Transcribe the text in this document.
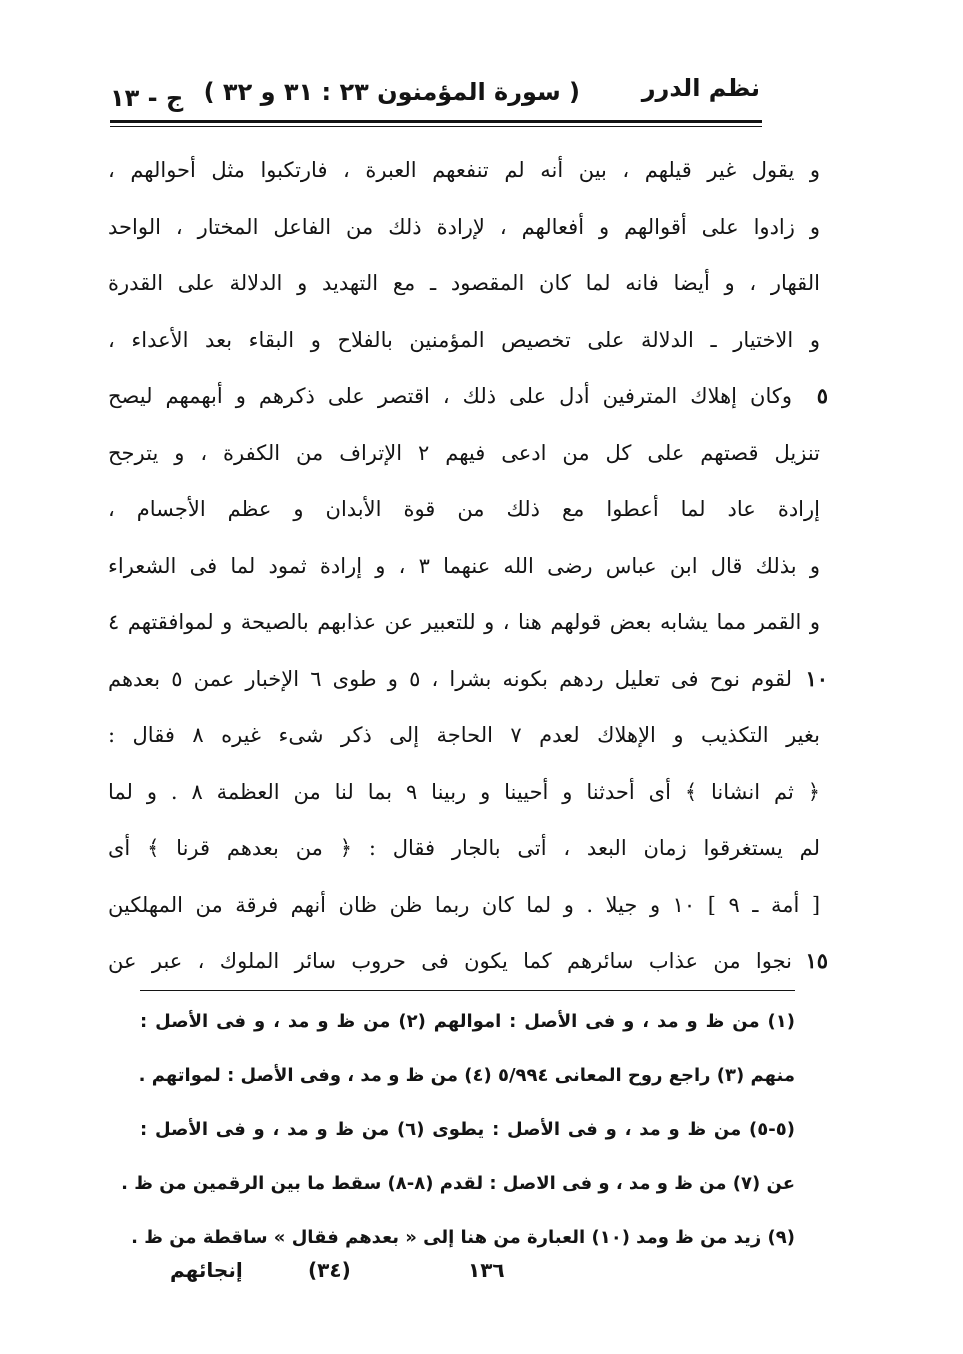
نظم الدرر
( سورة المؤمنون ٢٣ : ٣١ و ٣٢ )
ج - ١٣
و يقول غير قيلهم ، بين أنه لم تنفعهم العبرة ، فارتكبوا مثل أحوالهم ،
و زادوا على أقوالهم و أفعالهم ، لإرادة ذلك من الفاعل المختار ، الواحد
القهار ، و أيضا فانه لما كان المقصود ـ مع التهديد و الدلالة على القدرة
و الاختيار ـ الدلالة على تخصيص المؤمنين بالفلاح و البقاء بعد الأعداء ،
٥
وكان إهلاك المترفين أدل على ذلك ، اقتصر على ذكرهم و أبهمهم ليصح
تنزيل قصتهم على كل من ادعى فيهم ٢ الإتراف من الكفرة ، و يترجح
إرادة عاد لما أعطوا مع ذلك من قوة الأبدان و عظم الأجسام ،
و بذلك قال ابن عباس رضى الله عنهما ٣ ، و إرادة ثمود لما فى الشعراء
و القمر مما يشابه بعض قولهم هنا ، و للتعبير عن عذابهم بالصيحة و لموافقتهم ٤
١٠
لقوم نوح فى تعليل ردهم بكونه بشرا ، ٥ و طوى ٦ الإخبار عمن ٥ بعدهم
بغير التكذيب و الإهلاك لعدم ٧ الحاجة إلى ذكر شىء غيره ٨ فقال :
﴿ ثم انشانا ﴾ أى أحدثنا و أحيينا و ربينا ٩ بما لنا من العظمة ٨ . و لما
لم يستغرقوا زمان البعد ، أتى بالجار فقال : ﴿ من بعدهم قرنا ﴾ أى
[ أمة ـ ٩ ] ١٠ و جيلا . و لما كان ربما ظن ظان أنهم فرقة من المهلكين
١٥
نجوا من عذاب سائرهم كما يكون فى حروب سائر الملوك ، عبر عن
(١) من ظ و مد ، و فى الأصل : اموالهم (٢) من ظ و مد ، و فى الأصل :
منهم (٣) راجع روح المعانى ٥/٩٩٤ (٤) من ظ و مد ، وفى الأصل : لمواتهم .
(٥-٥) من ظ و مد ، و فى الأصل : يطوى (٦) من ظ و مد ، و فى الأصل :
عن (٧) من ظ و مد ، و فى الاصل : لقدم (٨-٨) سقط ما بين الرقمين من ظ .
(٩) زيد من ظ ومد (١٠) العبارة من هنا إلى « بعدهم فقال » ساقطة من ظ .
١٣٦
(٣٤)
إنجائهم
